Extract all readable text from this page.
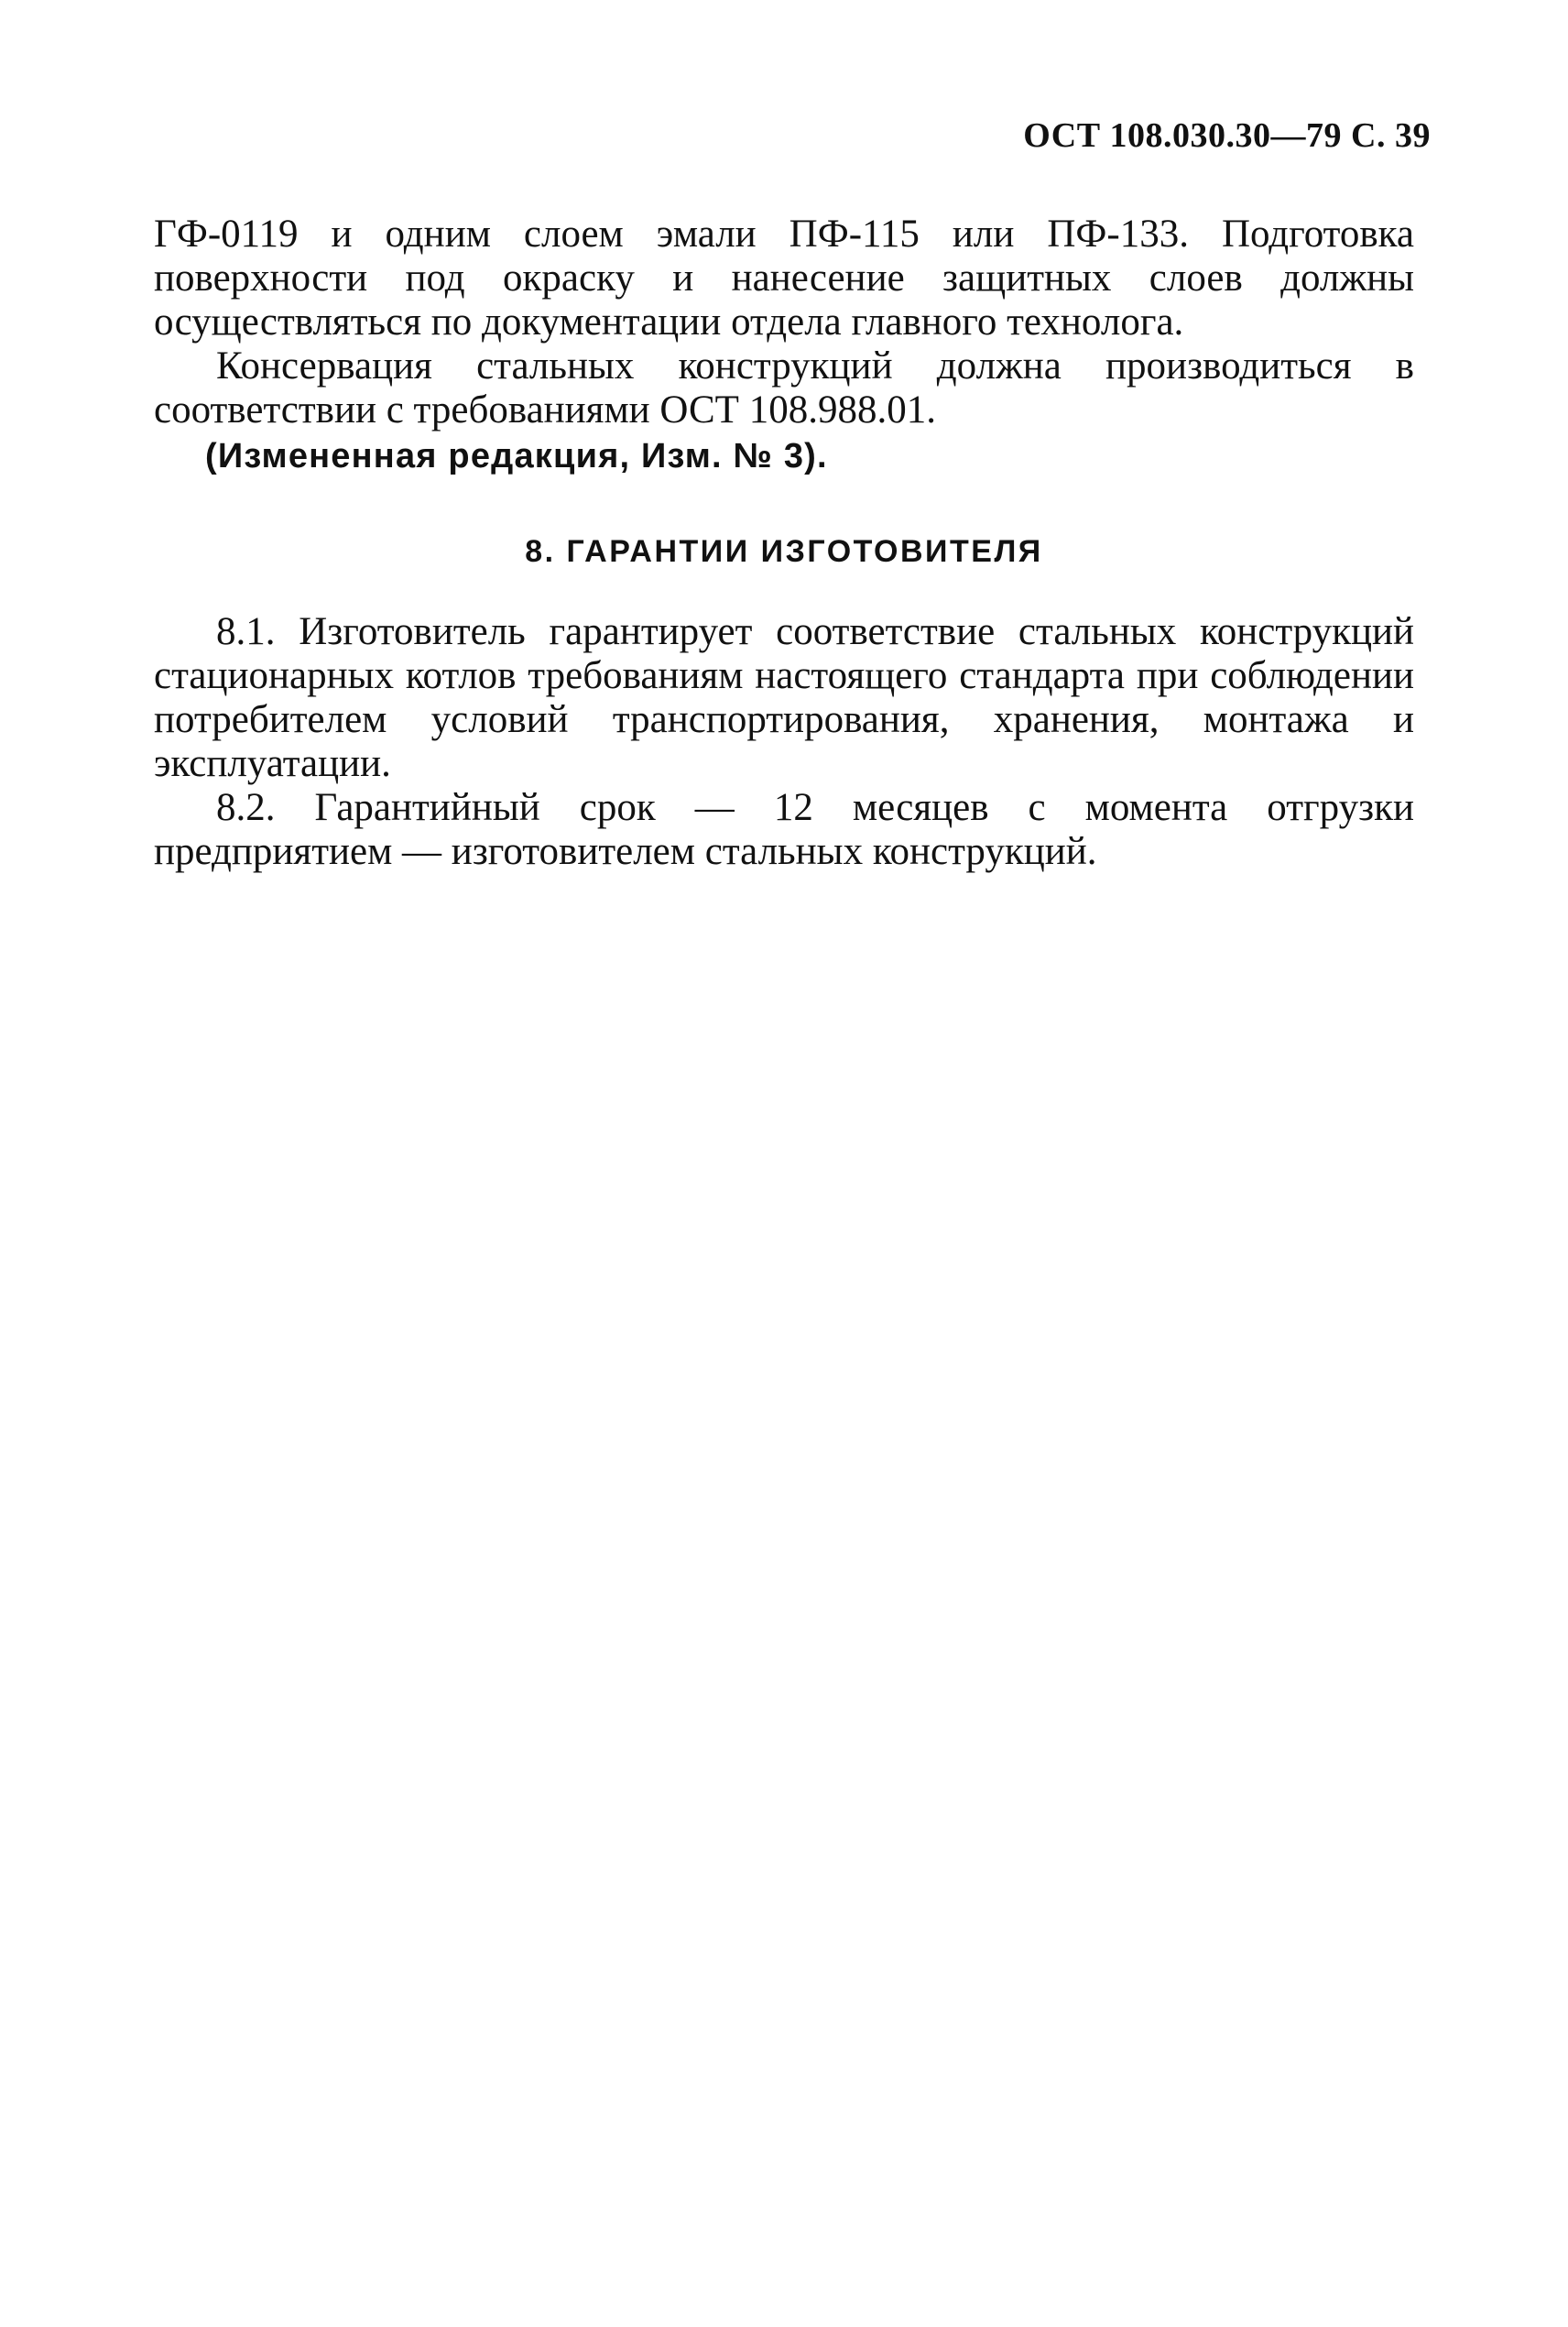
ОСТ 108.030.30—79 С. 39

ГФ-0119 и одним слоем эмали ПФ-115 или ПФ-133. Подготовка поверхности под окраску и нанесение защитных слоев должны осуществляться по документации отдела главного технолога.

Консервация стальных конструкций должна производиться в соответствии с требованиями ОСТ 108.988.01.

(Измененная редакция, Изм. № 3).

8. ГАРАНТИИ ИЗГОТОВИТЕЛЯ

8.1. Изготовитель гарантирует соответствие стальных конструкций стационарных котлов требованиям настоящего стандарта при соблюдении потребителем условий транспортирования, хранения, монтажа и эксплуатации.

8.2. Гарантийный срок — 12 месяцев с момента отгрузки предприятием — изготовителем стальных конструкций.
